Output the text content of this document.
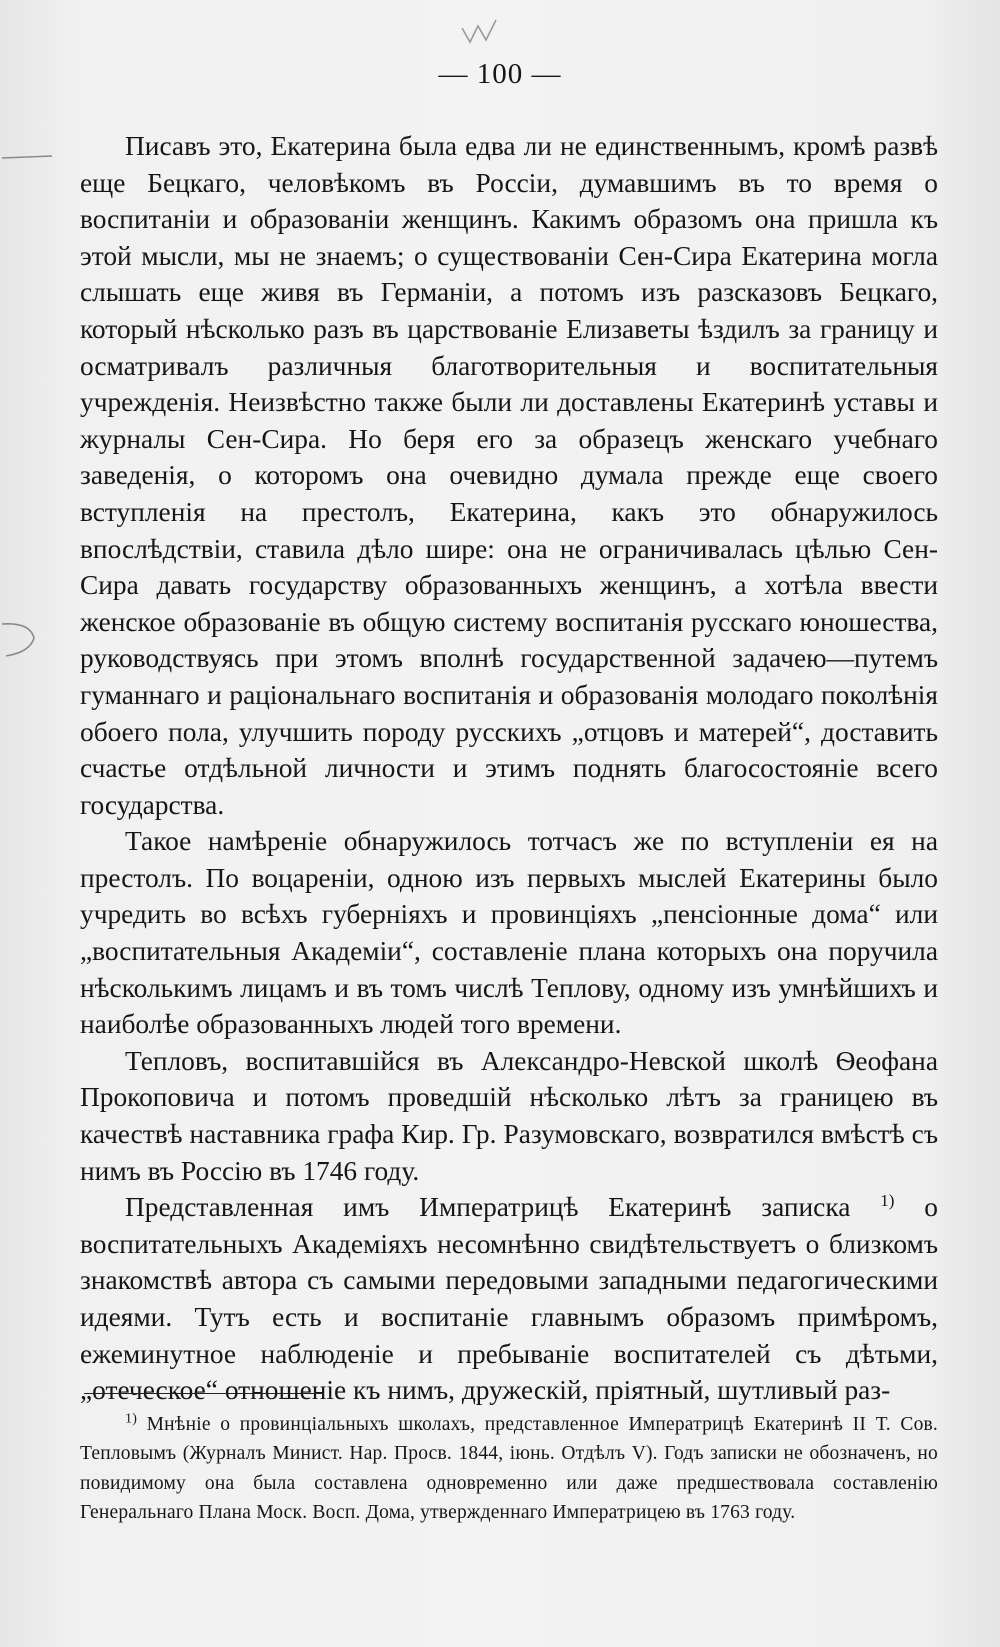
— 100 —

Писавъ это, Екатерина была едва ли не единственнымъ, кромѣ развѣ еще Бецкаго, человѣкомъ въ Россiи, думавшимъ въ то время о воспитанiи и образованiи женщинъ. Какимъ образомъ она пришла къ этой мысли, мы не знаемъ; о существованiи Сен-Сира Екатерина могла слышать еще живя въ Германiи, а потомъ изъ разсказовъ Бецкаго, который нѣсколько разъ въ царствованiе Елизаветы ѣздилъ за границу и осматривалъ различныя благотворительныя и воспитательныя учрежденiя. Неизвѣстно также были ли доставлены Екатеринѣ уставы и журналы Сен-Сира. Но беря его за образецъ женскаго учебнаго заведенiя, о которомъ она очевидно думала прежде еще своего вступленiя на престолъ, Екатерина, какъ это обнаружилось впослѣдствiи, ставила дѣло шире: она не ограничивалась цѣлью Сен-Сира давать государству образованныхъ женщинъ, а хотѣла ввести женское образованiе въ общую систему воспитанiя русскаго юношества, руководствуясь при этомъ вполнѣ государственной задачею—путемъ гуманнаго и рацiональнаго воспитанiя и образованiя молодаго поколѣнiя обоего пола, улучшить породу русскихъ „отцовъ и матерей“, доставить счастье отдѣльной личности и этимъ поднять благосостоянiе всего государства.

Такое намѣренiе обнаружилось тотчасъ же по вступленiи ея на престолъ. По воцаренiи, одною изъ первыхъ мыслей Екатерины было учредить во всѣхъ губернiяхъ и провинцiяхъ „пенсiонные дома“ или „воспитательныя Академiи“, составленiе плана которыхъ она поручила нѣсколькимъ лицамъ и въ томъ числѣ Теплову, одному изъ умнѣйшихъ и наиболѣе образованныхъ людей того времени.

Тепловъ, воспитавшiйся въ Александро-Невской школѣ Ѳеофана Прокоповича и потомъ проведшiй нѣсколько лѣтъ за границею въ качествѣ наставника графа Кир. Гр. Разумовскаго, возвратился вмѣстѣ съ нимъ въ Россiю въ 1746 году.

Представленная имъ Императрицѣ Екатеринѣ записка $^{1)}$ о воспитательныхъ Академiяхъ несомнѣнно свидѣтельствуетъ о близкомъ знакомствѣ автора съ самыми передовыми западными педагогическими идеями. Тутъ есть и воспитанiе главнымъ образомъ примѣромъ, ежеминутное наблюденiе и пребыванiе воспитателей съ дѣтьми, „отеческое“ отношенiе къ нимъ, дружескiй, прiятный, шутливый раз-

$^{1)}$ Мнѣнiе о провинцiальныхъ школахъ, представленное Императрицѣ Екатеринѣ II Т. Сов. Тепловымъ (Журналъ Минист. Нар. Просв. 1844, iюнь. Отдѣлъ V). Годъ записки не обозначенъ, но повидимому она была составлена одновременно или даже предшествовала составленiю Генеральнаго Плана Моск. Восп. Дома, утвержденнаго Императрицею въ 1763 году.
